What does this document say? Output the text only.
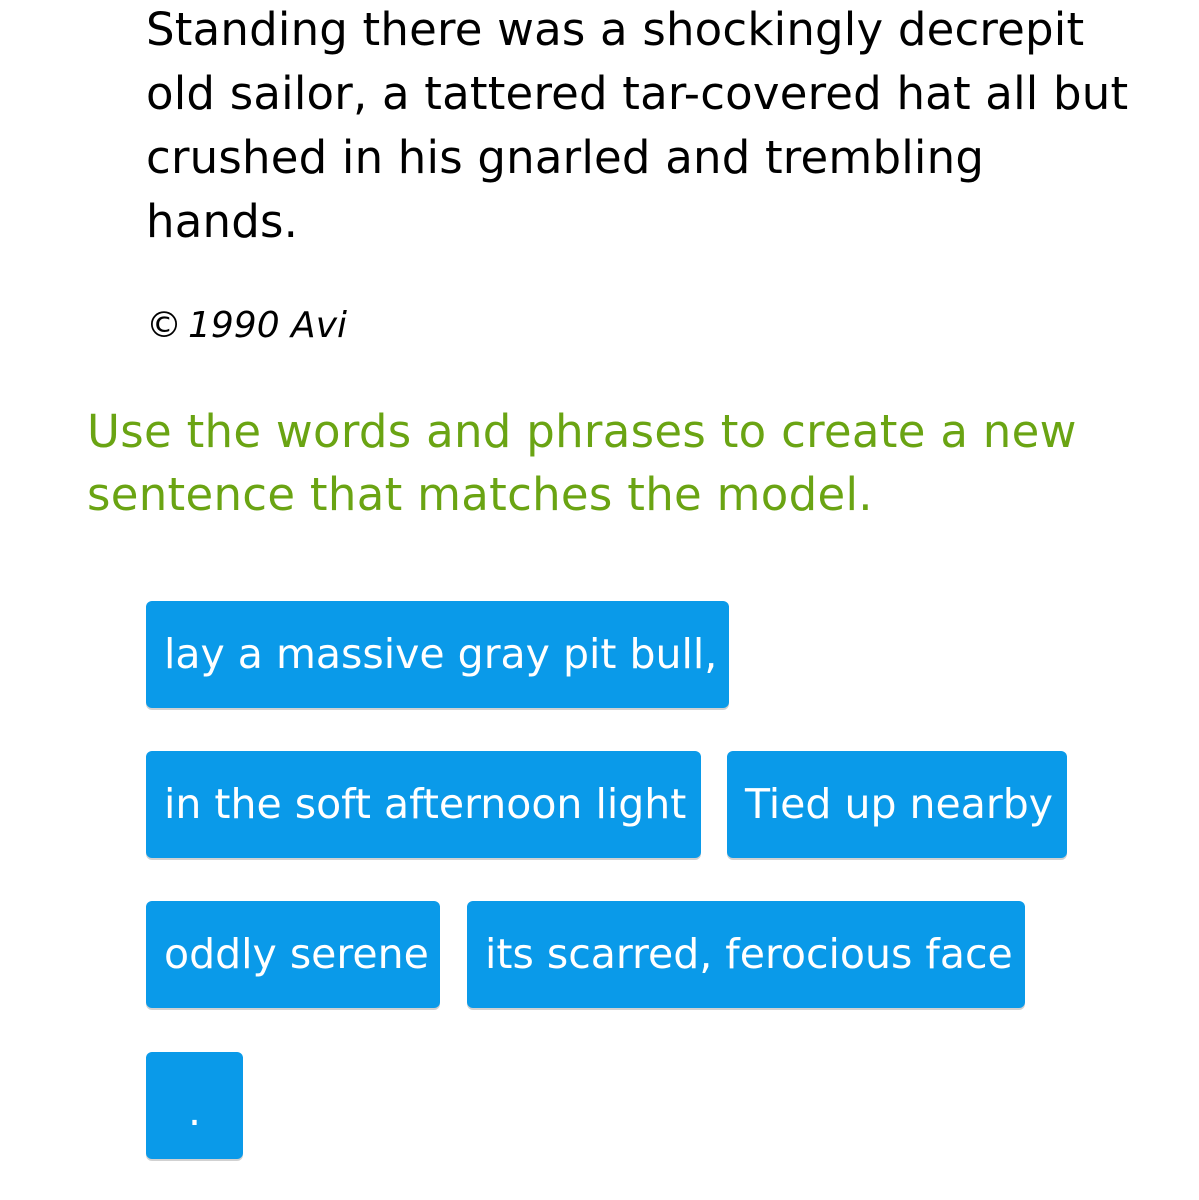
Standing there was a shockingly decrepit old sailor, a tattered tar-covered hat all but crushed in his gnarled and trembling hands.

© 1990 Avi

Use the words and phrases to create a new sentence that matches the model.

lay a massive gray pit bull,
in the soft afternoon light	Tied up nearby
oddly serene	its scarred, ferocious face
.
